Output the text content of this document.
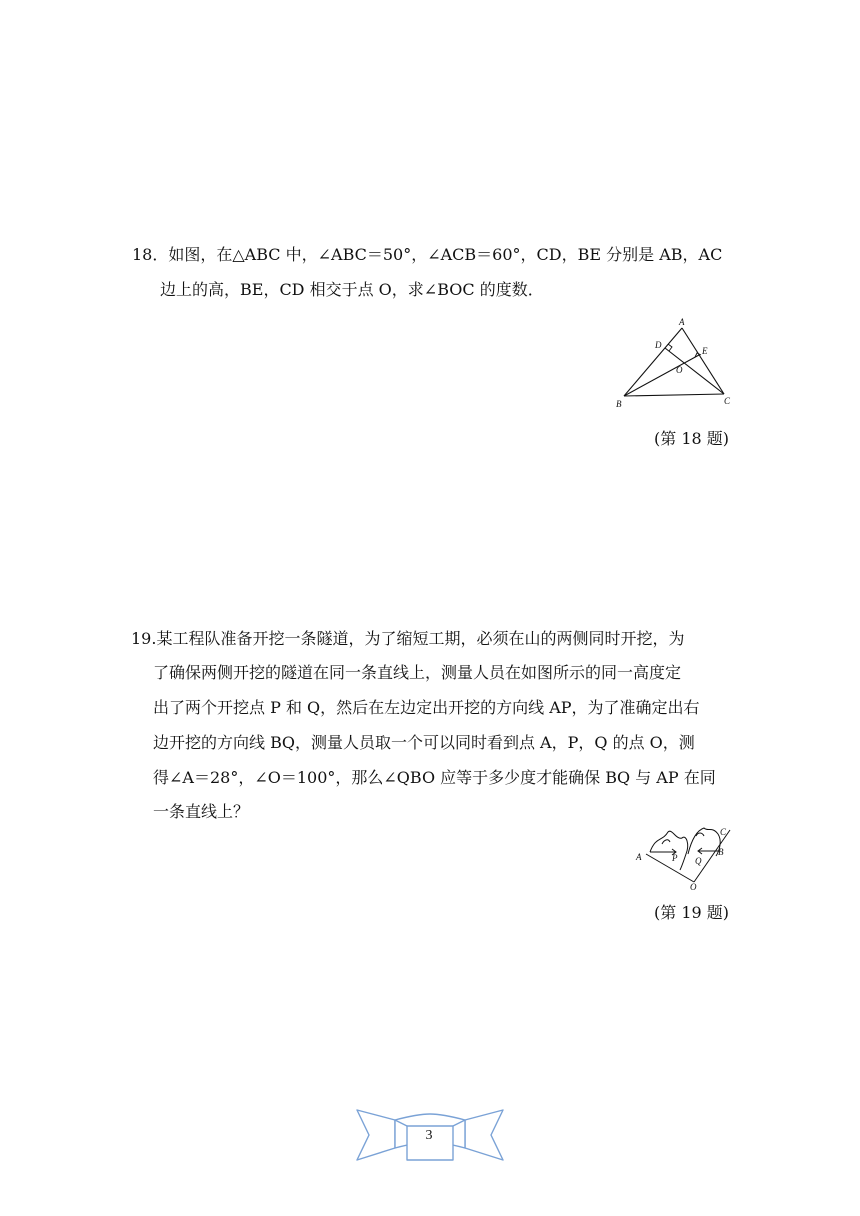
18．如图，在△ABC 中，∠ABC＝50°，∠ACB＝60°，CD，BE 分别是 AB，AC
边上的高，BE，CD 相交于点 O，求∠BOC 的度数．
A
B	C
D
E
O
(第 18 题)
19.某工程队准备开挖一条隧道，为了缩短工期，必须在山的两侧同时开挖，为
了确保两侧开挖的隧道在同一条直线上，测量人员在如图所示的同一高度定
出了两个开挖点 P 和 Q，然后在左边定出开挖的方向线 AP，为了准确定出右
边开挖的方向线 BQ，测量人员取一个可以同时看到点 A，P，Q 的点 O，测
得∠A＝28°，∠O＝100°，那么∠QBO 应等于多少度才能确保 BQ 与 AP 在同
一条直线上？
A	P Q
B
C
O
(第 19 题)
3
